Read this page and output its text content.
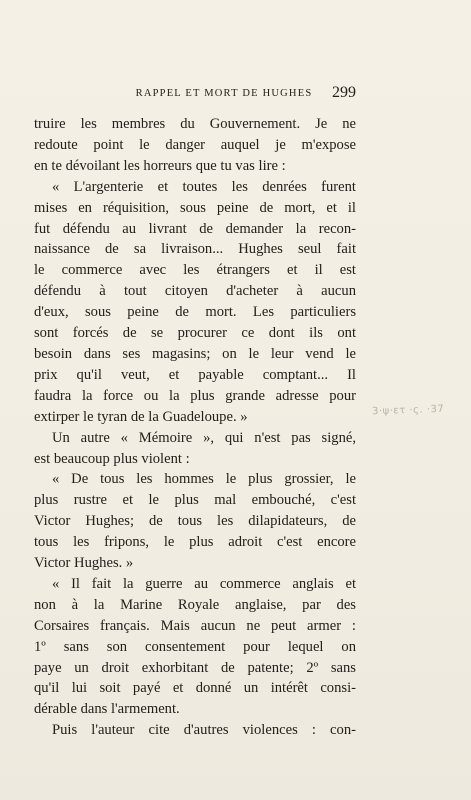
RAPPEL ET MORT DE HUGHES	299

truire les membres du Gouvernement. Je ne

redoute point le danger auquel je m'expose

en te dévoilant les horreurs que tu vas lire :

« L'argenterie et toutes les denrées furent

mises en réquisition, sous peine de mort, et il

fut défendu au livrant de demander la recon-

naissance de sa livraison... Hughes seul fait

le commerce avec les étrangers et il est

défendu à tout citoyen d'acheter à aucun

d'eux, sous peine de mort. Les particuliers

sont forcés de se procurer ce dont ils ont

besoin dans ses magasins; on le leur vend le

prix qu'il veut, et payable comptant... Il

faudra la force ou la plus grande adresse pour

extirper le tyran de la Guadeloupe. »

Un autre « Mémoire », qui n'est pas signé,

est beaucoup plus violent :

« De tous les hommes le plus grossier, le

plus rustre et le plus mal embouché, c'est

Victor Hughes; de tous les dilapidateurs, de

tous les fripons, le plus adroit c'est encore

Victor Hughes. »

« Il fait la guerre au commerce anglais et

non à la Marine Royale anglaise, par des

Corsaires français. Mais aucun ne peut armer :

1º sans son consentement pour lequel on

paye un droit exhorbitant de patente; 2º sans

qu'il lui soit payé et donné un intérêt consi-

dérable dans l'armement.

Puis l'auteur cite d'autres violences : con-

3·ψ·ετ ·ς. ·37
